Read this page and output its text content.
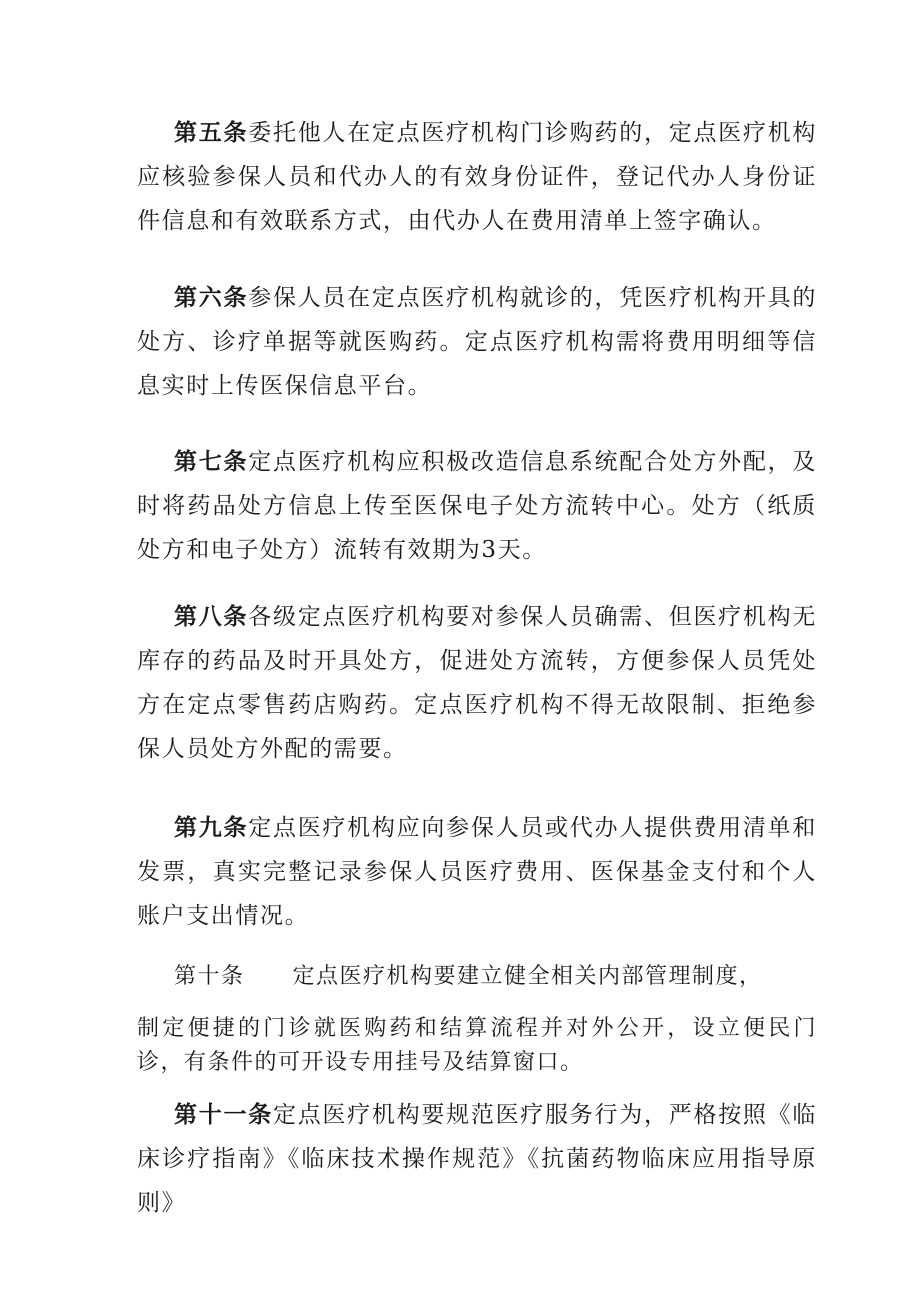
第五条委托他人在定点医疗机构门诊购药的，定点医疗机构应核验参保人员和代办人的有效身份证件，登记代办人身份证件信息和有效联系方式，由代办人在费用清单上签字确认。

第六条参保人员在定点医疗机构就诊的，凭医疗机构开具的处方、诊疗单据等就医购药。定点医疗机构需将费用明细等信息实时上传医保信息平台。

第七条定点医疗机构应积极改造信息系统配合处方外配，及时将药品处方信息上传至医保电子处方流转中心。处方（纸质处方和电子处方）流转有效期为3天。

第八条各级定点医疗机构要对参保人员确需、但医疗机构无库存的药品及时开具处方，促进处方流转，方便参保人员凭处方在定点零售药店购药。定点医疗机构不得无故限制、拒绝参保人员处方外配的需要。

第九条定点医疗机构应向参保人员或代办人提供费用清单和发票，真实完整记录参保人员医疗费用、医保基金支付和个人账户支出情况。

第十条 定点医疗机构要建立健全相关内部管理制度，

制定便捷的门诊就医购药和结算流程并对外公开，设立便民门诊，有条件的可开设专用挂号及结算窗口。

第十一条定点医疗机构要规范医疗服务行为，严格按照《临床诊疗指南》《临床技术操作规范》《抗菌药物临床应用指导原则》
